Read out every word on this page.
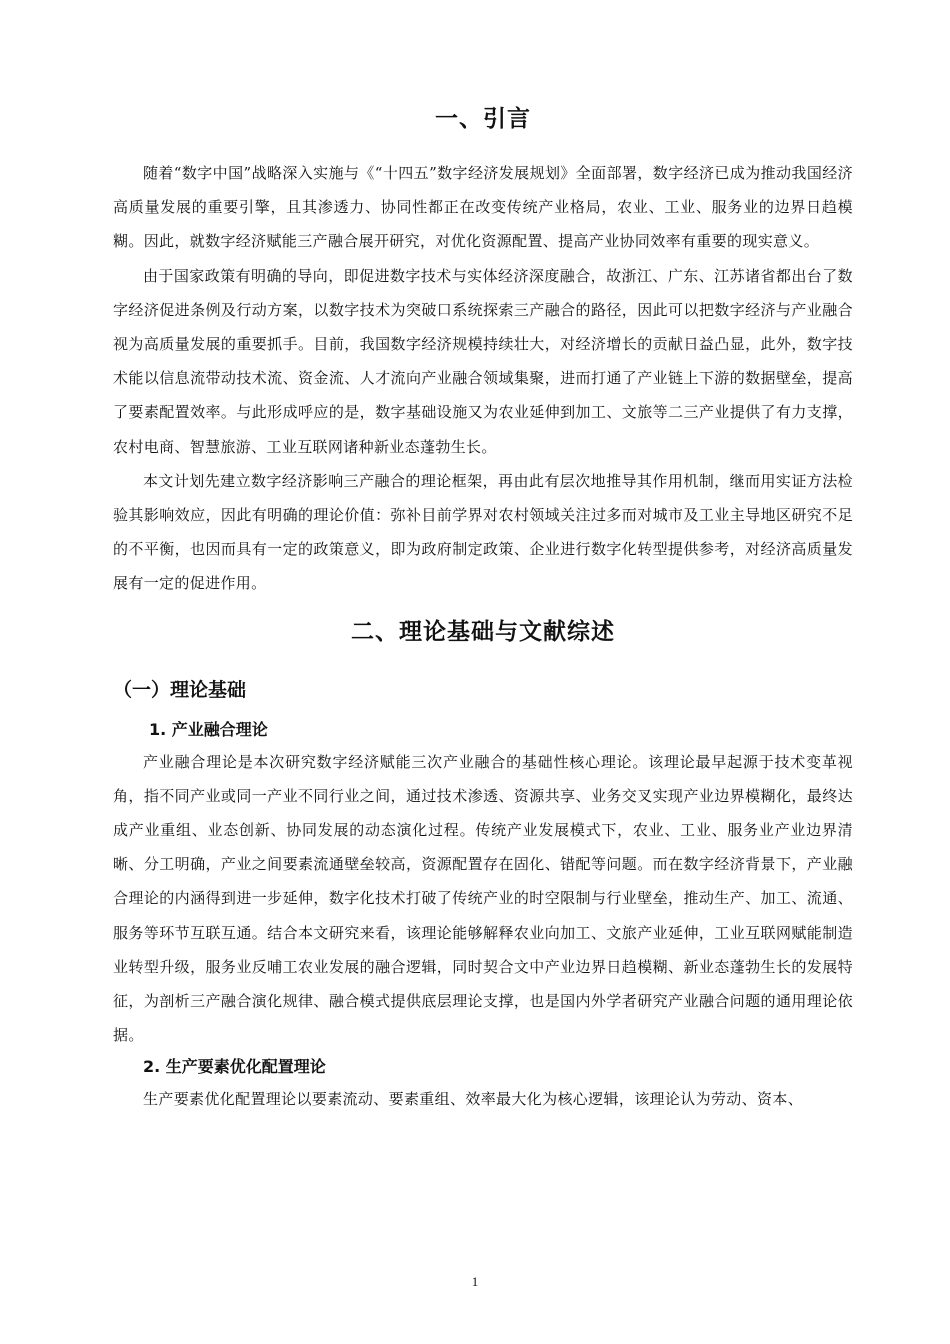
一、引言

随着“数字中国”战略深入实施与《“十四五”数字经济发展规划》全面部署，数字经济已成为推动我国经济高质量发展的重要引擎，且其渗透力、协同性都正在改变传统产业格局，农业、工业、服务业的边界日趋模糊。因此，就数字经济赋能三产融合展开研究，对优化资源配置、提高产业协同效率有重要的现实意义。

由于国家政策有明确的导向，即促进数字技术与实体经济深度融合，故浙江、广东、江苏诸省都出台了数字经济促进条例及行动方案，以数字技术为突破口系统探索三产融合的路径，因此可以把数字经济与产业融合视为高质量发展的重要抓手。目前，我国数字经济规模持续壮大，对经济增长的贡献日益凸显，此外，数字技术能以信息流带动技术流、资金流、人才流向产业融合领域集聚，进而打通了产业链上下游的数据壁垒，提高了要素配置效率。与此形成呼应的是，数字基础设施又为农业延伸到加工、文旅等二三产业提供了有力支撑，农村电商、智慧旅游、工业互联网诸种新业态蓬勃生长。

本文计划先建立数字经济影响三产融合的理论框架，再由此有层次地推导其作用机制，继而用实证方法检验其影响效应，因此有明确的理论价值：弥补目前学界对农村领域关注过多而对城市及工业主导地区研究不足的不平衡，也因而具有一定的政策意义，即为政府制定政策、企业进行数字化转型提供参考，对经济高质量发展有一定的促进作用。

二、理论基础与文献综述
（一）理论基础
1. 产业融合理论

产业融合理论是本次研究数字经济赋能三次产业融合的基础性核心理论。该理论最早起源于技术变革视角，指不同产业或同一产业不同行业之间，通过技术渗透、资源共享、业务交叉实现产业边界模糊化，最终达成产业重组、业态创新、协同发展的动态演化过程。传统产业发展模式下，农业、工业、服务业产业边界清晰、分工明确，产业之间要素流通壁垒较高，资源配置存在固化、错配等问题。而在数字经济背景下，产业融合理论的内涵得到进一步延伸，数字化技术打破了传统产业的时空限制与行业壁垒，推动生产、加工、流通、服务等环节互联互通。结合本文研究来看，该理论能够解释农业向加工、文旅产业延伸，工业互联网赋能制造业转型升级，服务业反哺工农业发展的融合逻辑，同时契合文中产业边界日趋模糊、新业态蓬勃生长的发展特征，为剖析三产融合演化规律、融合模式提供底层理论支撑，也是国内外学者研究产业融合问题的通用理论依据。

2. 生产要素优化配置理论

生产要素优化配置理论以要素流动、要素重组、效率最大化为核心逻辑，该理论认为劳动、资本、

1
